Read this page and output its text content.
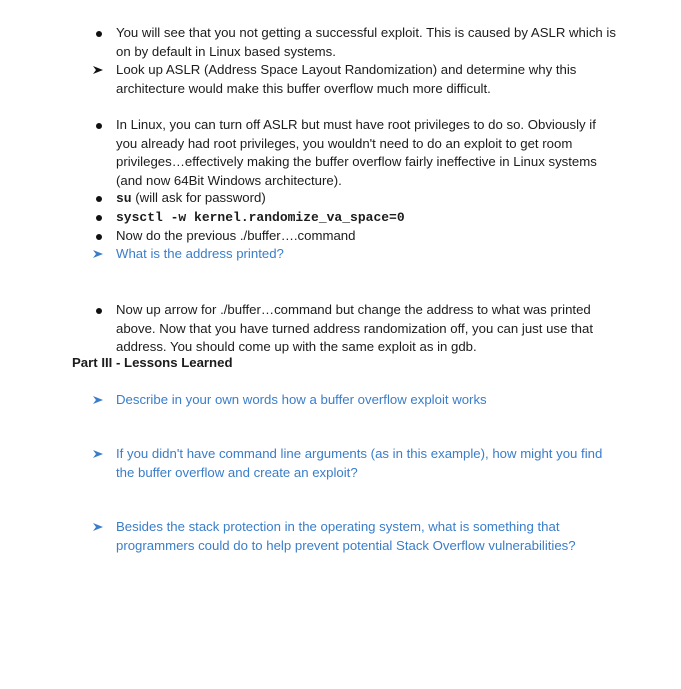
You will see that you not getting a successful exploit. This is caused by ASLR which is on by default in Linux based systems.
Look up ASLR (Address Space Layout Randomization) and determine why this architecture would make this buffer overflow much more difficult.
In Linux, you can turn off ASLR but must have root privileges to do so. Obviously if you already had root privileges, you wouldn't need to do an exploit to get room privileges…effectively making the buffer overflow fairly ineffective in Linux systems (and now 64Bit Windows architecture).
su (will ask for password)
sysctl -w kernel.randomize_va_space=0
Now do the previous ./buffer….command
What is the address printed?
Now up arrow for ./buffer…command but change the address to what was printed above. Now that you have turned address randomization off, you can just use that address. You should come up with the same exploit as in gdb.
Part III - Lessons Learned
Describe in your own words how a buffer overflow exploit works
If you didn't have command line arguments (as in this example), how might you find the buffer overflow and create an exploit?
Besides the stack protection in the operating system, what is something that programmers could do to help prevent potential Stack Overflow vulnerabilities?
